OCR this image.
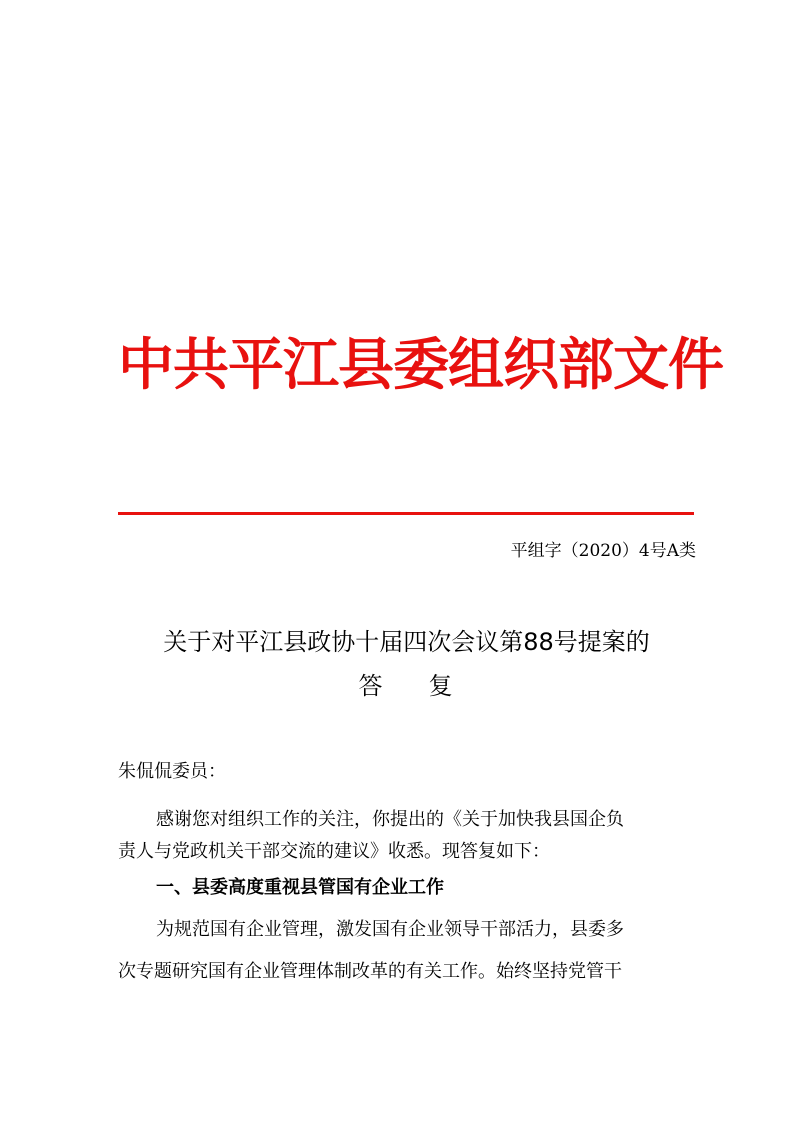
中共平江县委组织部文件
平组字（2020）4号A类
关于对平江县政协十届四次会议第88号提案的
答 复
朱侃侃委员：
感谢您对组织工作的关注，你提出的《关于加快我县国企负
责人与党政机关干部交流的建议》收悉。现答复如下：
一、县委高度重视县管国有企业工作
为规范国有企业管理，激发国有企业领导干部活力，县委多
次专题研究国有企业管理体制改革的有关工作。始终坚持党管干
